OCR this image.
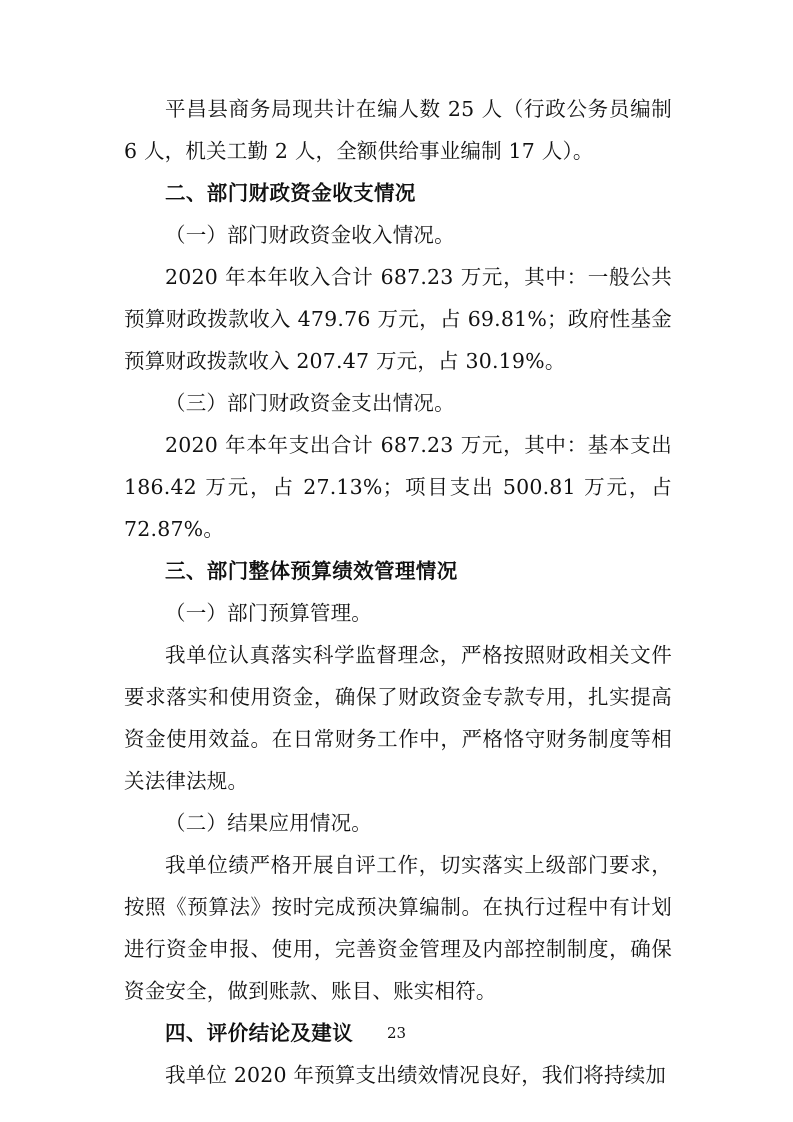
平昌县商务局现共计在编人数 25 人（行政公务员编制 6 人，机关工勤 2 人，全额供给事业编制 17 人）。

二、部门财政资金收支情况

（一）部门财政资金收入情况。

2020 年本年收入合计 687.23 万元，其中：一般公共预算财政拨款收入 479.76 万元，占 69.81%；政府性基金预算财政拨款收入 207.47 万元，占 30.19%。

（三）部门财政资金支出情况。

2020 年本年支出合计 687.23 万元，其中：基本支出 186.42 万元，占 27.13%；项目支出 500.81 万元，占 72.87%。

三、部门整体预算绩效管理情况

（一）部门预算管理。

我单位认真落实科学监督理念，严格按照财政相关文件要求落实和使用资金，确保了财政资金专款专用，扎实提高资金使用效益。在日常财务工作中，严格恪守财务制度等相关法律法规。

（二）结果应用情况。

我单位绩严格开展自评工作，切实落实上级部门要求，按照《预算法》按时完成预决算编制。在执行过程中有计划进行资金申报、使用，完善资金管理及内部控制制度，确保资金安全，做到账款、账目、账实相符。

四、评价结论及建议

我单位 2020 年预算支出绩效情况良好，我们将持续加

23
